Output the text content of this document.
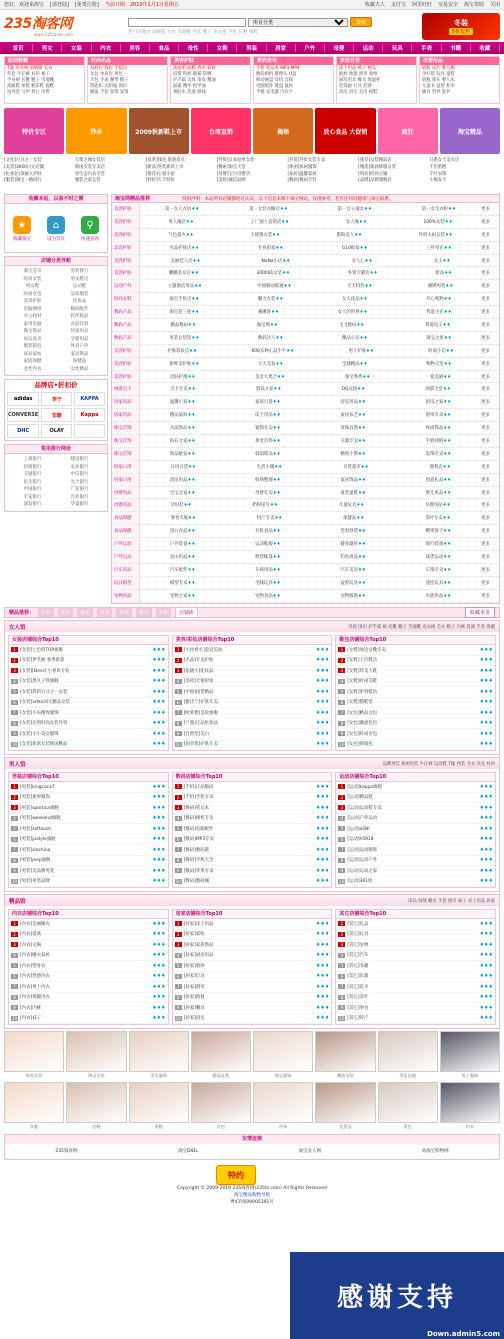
您好，欢迎来淘宝 [请登陆] [免费注册] 当前日期：2010年1月1日星期五	收藏夫人 支付宝 阿里旺旺 交易安全 淘宝帮助 关闭
235淘客网
www.235taoke.com
所有分类
搜索
热门关键词 羽绒服 毛衣 雪地靴 外套 靴子 连衣裙 手机 长靴 棉鞋
冬装
5折起售
首页	男女	女装	内衣	美容	食品	母性	女鞋	男装	居家	户外	母婴	运动	玩具	手表	书籍	收藏
服装鞋帽
T恤 连衣裙 羽绒服 毛衣
外套 牛仔裤 衬衫 裙子
半身裙 长靴 靴子 雪地靴
高跟鞋 单鞋 帆布鞋 拖鞋
短外套 马甲 背心 吊带
时尚名品
双肩包 钱包 手提包
女包 单肩包 男包
卡包 手表 腰带 帽子
钥匙扣 太阳镜 围巾
眼镜 手套 领带 发饰
美容护肤
洗面奶 面膜 香水 彩妆
唇膏 粉底 眼霜 防晒
护手霜 美体 染发 精油
面霜 精华 指甲油
爽肤水 乳液 眼线
数码家电
手机 笔记本 MP3 MP4
数码相机 摄像头 U盘
移动硬盘 耳机 音箱
电脑配件 键盘 鼠标
平板 充电器 内存卡
家居百货
床上用品 被子 枕头
抱枕 地毯 窗帘 收纳
厨房用具 餐具 保温杯
装饰画 灯具 挂钟
清洁 浴室 毛巾 拖鞋
母婴用品
奶粉 尿片 婴儿服
孕妇装 玩具 童鞋
奶瓶 推车 婴儿床
儿童书 益智 积木
辅食 营养 洗护
特价专区	秒杀	2009秋新鞋上市	台湾直销	揭秘	放心食品 大促销	疯狂	淘宝精品
[文化]百分之一女装
[美容]3000日元店铺
[化妆]白领丽人护肤
[服装]淘宝一路同行
天使之城女装店
韩国女装专卖店
原生态内衣专营
服装之家女装
[皮革]钱包 旅游皮具
[新品]冬装新款上市
[推荐]心爱小屋
[特价]天天特价
[外贸]日本原单女装
[搜索]淘宝天堂
[母婴]宝贝母婴店
[美妆]诚信品牌
[外贸]外贸女装专卖
[休闲]休闲服饰
[家居]温馨家居
[数码]数码专营
[推荐]女装精品店
[精选]新款韩版女装
[特价]时尚小铺
[品牌]品牌旗舰店
日系女士美衣店
千层蛋糕
千叶衣饰
小熊发卡
收藏本站，以备不时之需
★
收藏淘宝
⌂
设为首页
⚲
快速查询
店铺分类导航
淘宝首页	男装排行
时尚女装	男女鞋店
男女鞋	运动鞋
时尚女包	运动服装
美容护肤	化妆品
电脑网络	数码配件
办公耗材	软件耗品
家用电器	食品饮料
珠宝饰品	居家用品
易玩易卖	孕婴用品
服装箱包	体育户外
床品家纺	家居饰品
家庭保健	保健品
女性内衣	女性精品
品牌店•折扣价
adidas	李宁	KAPPA
CONVERSE	安踏	Kappa
DHC	OLAY
常用排行网址
工商银行	建设银行
招商银行	农业银行
交通银行	中信银行
民生银行	光大银行
中国银行	广发银行
平安银行	兴业银行
深发银行	华夏银行
淘宝网精品推荐	特别声明：本站所有店铺都经过认证，以下信息来源于淘宝网站，仅供参考，若有任何问题请与淘宝联系。
美容护肤	第一女人衣坊♦♦	第一女装衣橱店♦♦	第一女子淑女♦♦	第一女生衣柜♦♦	更多
美容护肤	男人缘店♦♦	工厂独立直销店♦♦	女人缘♦♦	100%女装♦♦	更多
美容护肤	气色超火♦♦	天使翅女装♦♦	脂粉美人♦♦	外贸大码女装♦♦	更多
美容护肤	名品护肤店♦♦	专业彩妆♦♦	G10批发♦♦	三叶草店♦♦	更多
美容护肤	美丽佳人店♦♦	NaNa小店♦♦	女人心♦♦	女王♦♦	更多
美容护肤	鹏鹏美女店♦♦	300001女装♦♦	外贸天猫店♦♦	新品♦♦	更多
运动户外	主题酒店用品♦♦	中国移动联通♦♦	天天特价♦♦	潮牌男装♦♦	更多
时尚女鞋	淘宝手机店♦♦	魅力女装♦♦	女人优品♦♦	开心购物♦♦	更多
数码产品	淘宝花三度♦♦	溪溪客♦♦	女人的世界♦♦	我爱小店♦♦	更多
数码产品	精品数码♦♦	淘宝购♦♦	飞飞数码♦♦	我爱电子♦♦	更多
数码产品	男装女装馆♦♦	数码达人♦♦	精品小店♦♦	淘宝之星♦♦	更多
美容护肤	护肤彩妆店♦♦	600多种正品牛牛♦♦	男士护肤♦♦	时尚小店♦♦	更多
美容护肤	新鲜美护肤♦♦	天天美妆♦♦	全球精品♦♦	购物天堂♦♦	更多
美容护肤	皮肤护理♦♦	美女大集合♦♦	淘宝秀秀♦♦	爱美丽♦♦	更多
网游点卡	点卡专卖♦♦	游戏之家♦♦	QQ充值♦♦	网游天堂♦♦	更多
居家用品	温馨小家♦♦	家居百货♦♦	浴室用品♦♦	厨房之家♦♦	更多
居家用品	精品家纺♦♦	床上用品♦♦	家居布艺♦♦	窗帘专卖♦♦	更多
珠宝首饰	水晶饰品♦♦	银饰专卖♦♦	珍珠首饰♦♦	时尚饰品♦♦	更多
珠宝首饰	钻石之家♦♦	黄金首饰♦♦	玉器专卖♦♦	手链项链♦♦	更多
珠宝首饰	饰品批发♦♦	韩国饰品♦♦	精致小饰♦♦	发饰专卖♦♦	更多
居家日用	日用百货♦♦	生活小铺♦♦	百货超市♦♦	便利店♦♦	更多
居家日用	清洁用品♦♦	收纳整理♦♦	家居饰品♦♦	创意礼品♦♦	更多
母婴用品	宝宝之家♦♦	母婴专卖♦♦	童装童鞋♦♦	婴儿用品♦♦	更多
母婴用品	孕妇装♦♦	奶粉尿片♦♦	儿童玩具♦♦	早教用品♦♦	更多
食品保健	零食天地♦♦	特产专卖♦♦	保健品♦♦	茶叶专卖♦♦	更多
食品保健	进口食品♦♦	有机食品♦♦	坚果炒货♦♦	糖果饼干♦♦	更多
户外运动	户外装备♦♦	运动鞋服♦♦	健身器材♦♦	骑行装备♦♦	更多
户外运动	登山用品♦♦	野营帐篷♦♦	钓鱼用品♦♦	球类运动♦♦	更多
汽车用品	汽车配件♦♦	车载用品♦♦	汽车美容♦♦	车饰专卖♦♦	更多
玩具模型	模型专卖♦♦	毛绒玩具♦♦	益智玩具♦♦	遥控玩具♦♦	更多
宠物用品	宠物之家♦♦	宠物食品♦♦	宠物服饰♦♦	水族用品♦♦	更多
精品推荐：	女装	美容	鞋包	男装	居家	数码	品牌	店铺街	收藏本页
女人馆	外套 围巾 护手霜 裙 皮靴 靴子 雪地靴 连衣裙 毛衣 帽子 内裤 乳液 手套 保暖
女装店铺综合Top10
1 [女装]七色特TOP旗舰	♦♦♦
2 [女装]伊芙丽 春季新款	♦♦♦
3 [女装][Deer] 小香风专业	♦♦♦
4 [女装]黑凡子铁旗舰	♦♦♦
5 [女装]我的百分之一女装	♦♦♦
6 [女装]artka同元精品女装	♦♦♦
7 [女装]小布精致服饰	♦♦♦
8 [女装]达到时尚女装外贸	♦♦♦
9 [女装]小小美女服饰	♦♦♦
10 [女装]新款女装韩国精品	♦♦♦
美容/彩妆店铺综合Top10
1 [小也香水]金冠美妆	♦♦♦
2 [名品]专卖护肤	♦♦♦
3 [张晓小]化妆品	♦♦♦
4 [美妆]天使彩妆	♦♦♦
5 [中国]国货精品	♦♦♦
6 [雅诗兰]护肤专卖	♦♦♦
7 [欧莱雅]美妆旗舰	♦♦♦
8 [兰蔻]正品化妆品	♦♦♦
9 [自然堂]美白	♦♦♦
10 [佰草集]护肤专卖	♦♦♦
鞋包店铺综合Top10
1 [女鞋]加达女靴专卖	♦♦♦
2 [女鞋]上位鞋店	♦♦♦
3 [女鞋]拜美人鞋	♦♦♦
4 [女鞋]时尚美鞋	♦♦♦
5 [女鞋]驴客鞋坊	♦♦♦
6 [女鞋]猫鞋馆	♦♦♦
7 [女包]精品女包	♦♦♦
8 [女包]潮流包包	♦♦♦
9 [女包]时尚女包	♦♦♦
10 [女包]韩版包	♦♦♦
男人馆	品牌男装 休闲男装 牛仔裤 运动鞋 T恤 西装 毛衣 夹克 衬衫
男装店铺综合Top10
1 [男装]kingcoca7	♦♦♦
2 [男装]柔界服饰	♦♦♦
3 [男装]sportica旗舰	♦♦♦
4 [男装]weekend旗舰	♦♦♦
5 [男装]softouch	♦♦♦
6 [男装]justyle旗舰	♦♦♦
7 [男装]zinchina	♦♦♦
8 [男装]jeep旗舰	♦♦♦
9 [男装]美品牌男装	♦♦♦
10 [男装]男装品牌	♦♦♦
数码店铺综合Top10
1 [手机]正品数码	♦♦♦
2 [手机]手机专卖	♦♦♦
3 [数码]笔记本	♦♦♦
4 [数码]相机专卖	♦♦♦
5 [数码]电脑配件	♦♦♦
6 [数码]MP3专卖	♦♦♦
7 [数码]数码港	♦♦♦
8 [数码]手机大全	♦♦♦
9 [数码]苹果专卖	♦♦♦
10 [数码]数码城	♦♦♦
运动店铺综合Top10
1 [运动]kappa旗舰	♦♦♦
2 [运动]精品鞋	♦♦♦
3 [运动]运动鞋专卖	♦♦♦
4 [运动]户外运动	♦♦♦
5 [运动]aSNI	♦♦♦
6 [运动]h5918	♦♦♦
7 [运动]运动服饰	♦♦♦
8 [运动]运动户外	♦♦♦
9 [运动]运动之家	♦♦♦
10 [运动]361度	♦♦♦
精品馆	床品 羽绒 睡衣 手套 围巾 袜子 床上用品 居家
内衣店铺综合Top10
1 [内衣]美丽睡衣	♦♦♦
2 [内衣]爱慕	♦♦♦
3 [内衣]文胸	♦♦♦
4 [内衣]睡衣家居	♦♦♦
5 [内衣]塑身衣	♦♦♦
6 [内衣]性感内衣	♦♦♦
7 [内衣]男士内衣	♦♦♦
8 [内衣]保暖内衣	♦♦♦
9 [内衣]内裤	♦♦♦
10 [内衣]袜子	♦♦♦
居家店铺综合Top10
1 [居家]床上用品	♦♦♦
2 [居家]家纺	♦♦♦
3 [居家]家居饰品	♦♦♦
4 [居家]厨房用品	♦♦♦
5 [居家]收纳	♦♦♦
6 [居家]灯具	♦♦♦
7 [居家]窗帘	♦♦♦
8 [居家]地毯	♦♦♦
9 [居家]餐具	♦♦♦
10 [居家]浴室	♦♦♦
其它店铺综合Top10
1 [其它]礼品	♦♦♦
2 [其它]玩具	♦♦♦
3 [其它]宠物	♦♦♦
4 [其它]汽车	♦♦♦
5 [其它]书籍	♦♦♦
6 [其它]乐器	♦♦♦
7 [其它]花卉	♦♦♦
8 [其它]茶叶	♦♦♦
9 [其它]零食	♦♦♦
10 [其它]特产	♦♦♦
时尚女装	淘宝女装	美女服饰	精品女装	淘宝服饰	潮流女装	美女店铺	男士服饰
女鞋	皮鞋	男鞋	女包	首饰	化妆品	男包	内衣
友情连接
235淘客网	淘宝DIDL	淘宝女人网	易淘宝购物网
特约
Copyright © 2009-2019 235淘客网(235tz.com) All Rights Reserved
淘宝精品购物导航
粤ICP备09005391号
感谢支持
Down.admin5.com
